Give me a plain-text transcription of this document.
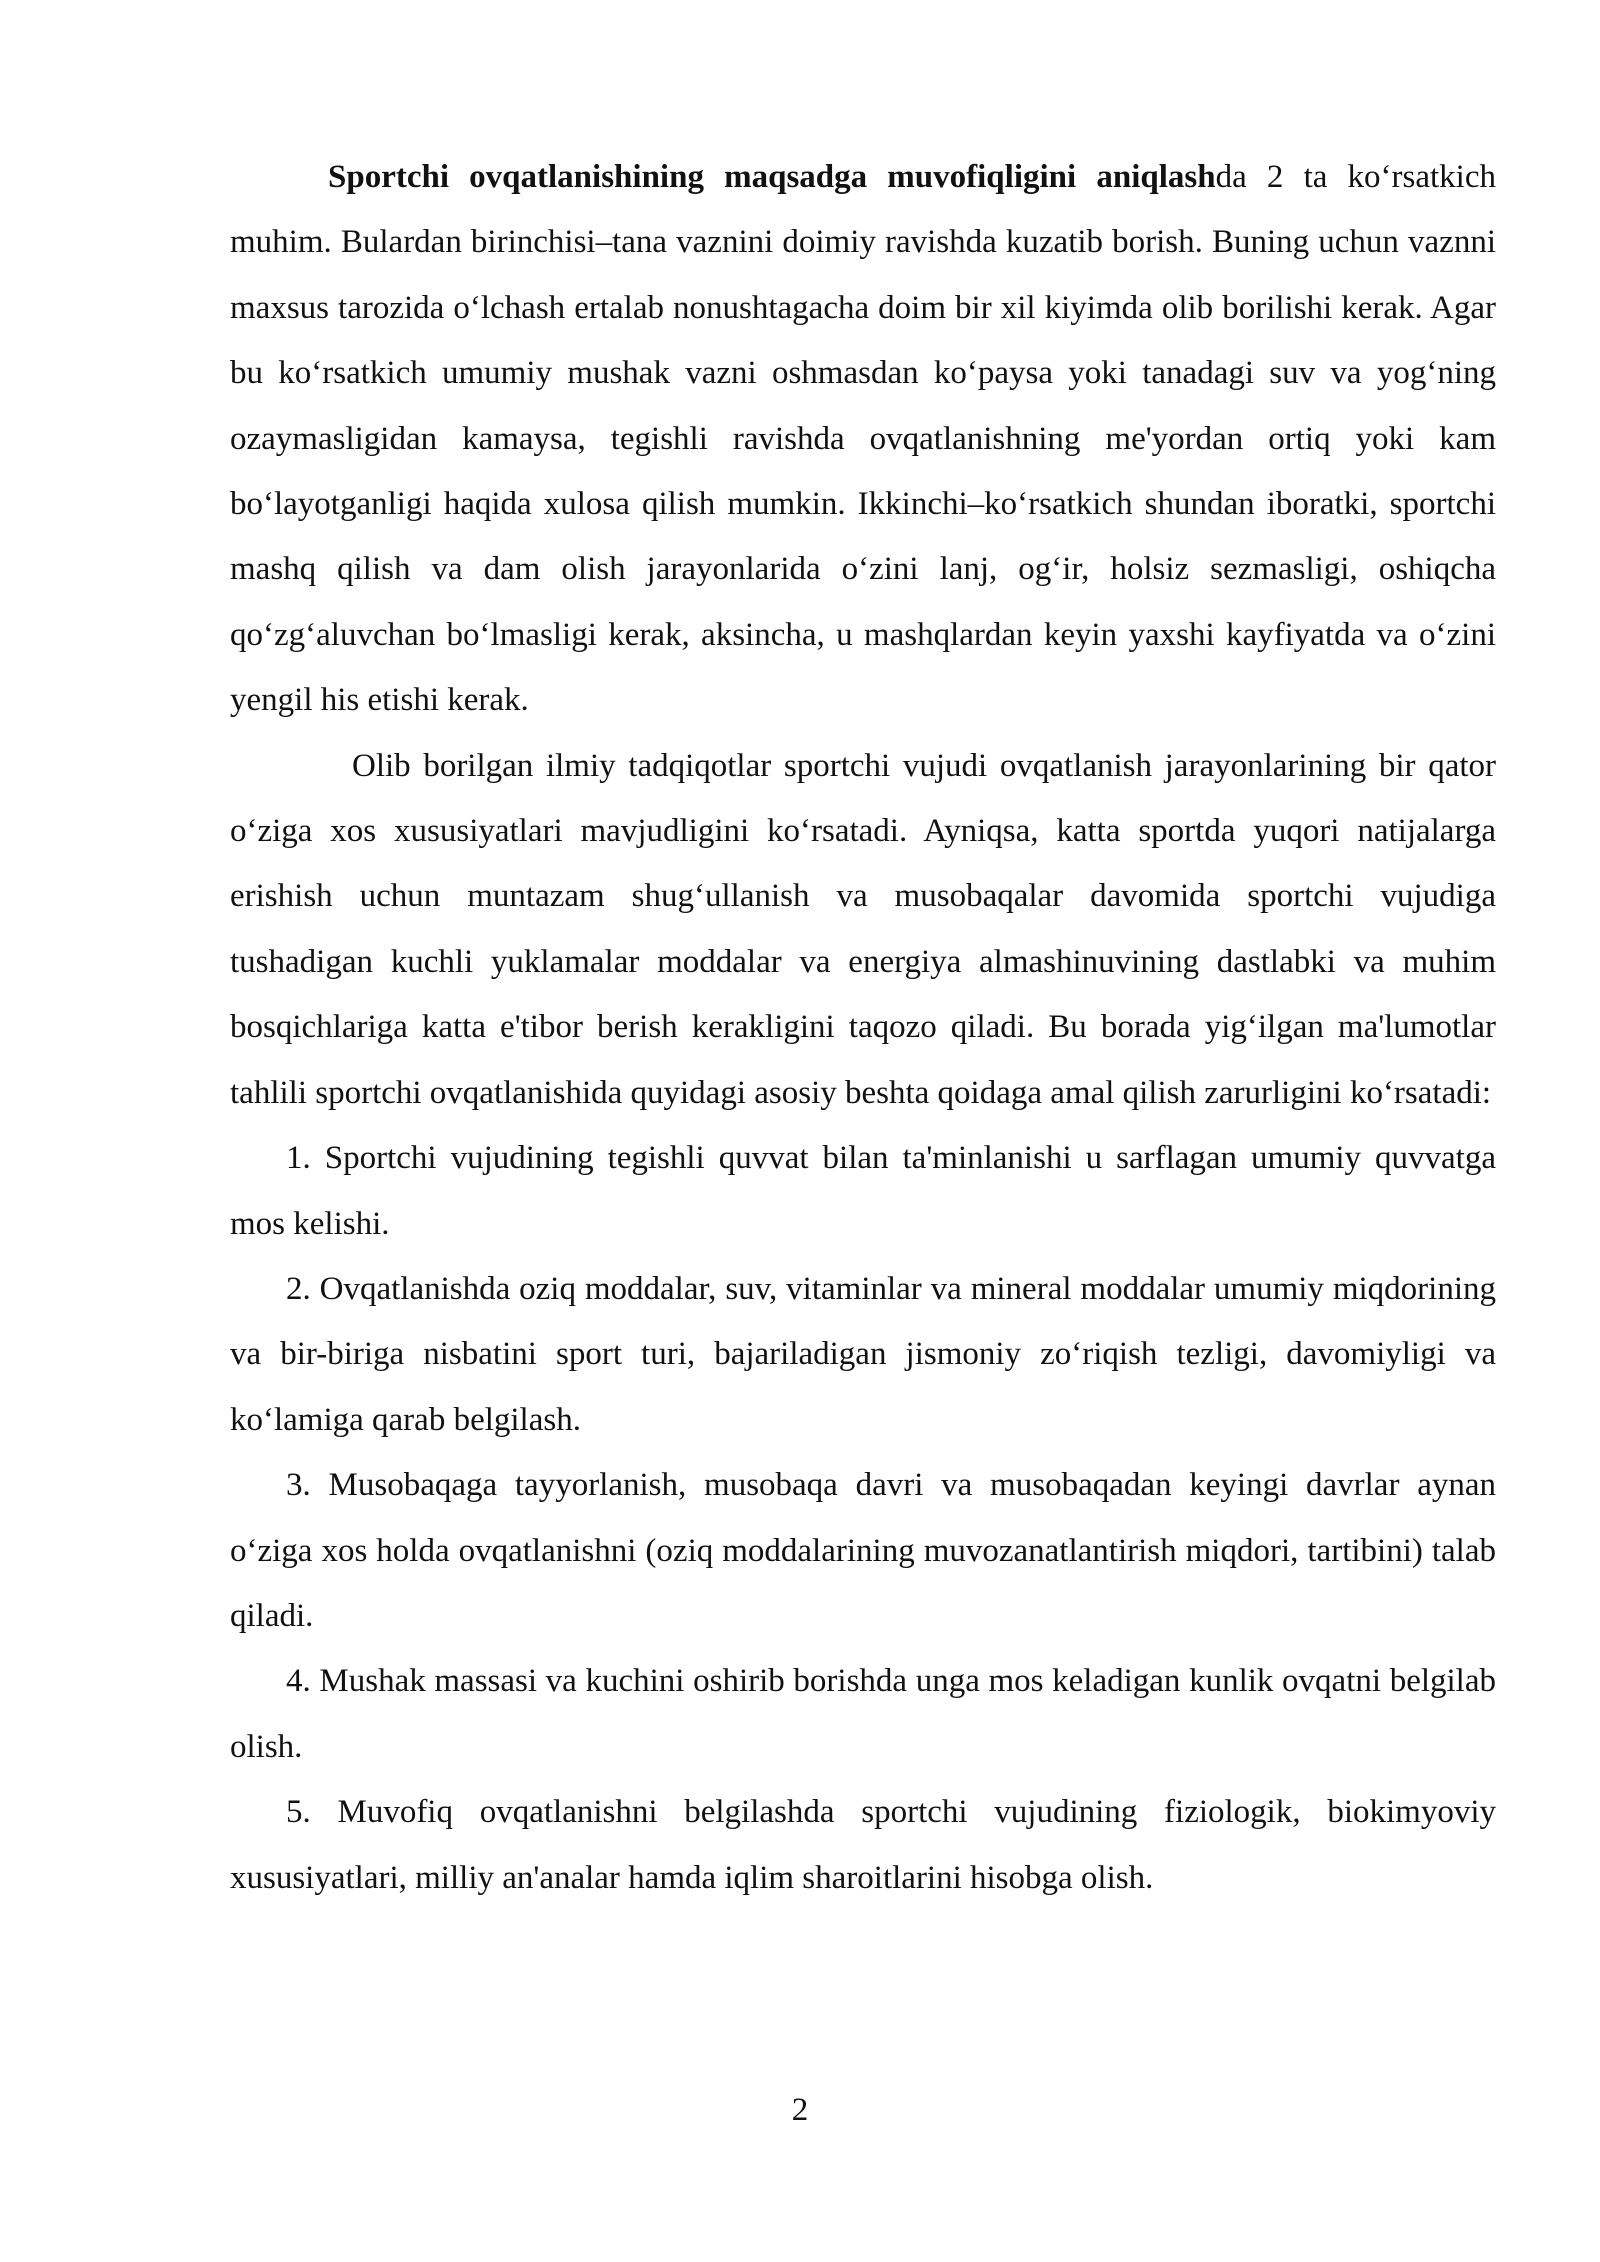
Sportchi ovqatlanishining maqsadga muvofiqligini aniqlashda 2 ta ko‘rsatkich muhim. Bulardan birinchisi–tana vaznini doimiy ravishda kuzatib borish. Buning uchun vaznni maxsus tarozida o‘lchash ertalab nonushtagacha doim bir xil kiyimda olib borilishi kerak. Agar bu ko‘rsatkich umumiy mushak vazni oshmasdan ko‘paysa yoki tanadagi suv va yog‘ning ozaymasligidan kamaysa, tegishli ravishda ovqatlanishning me'yordan ortiq yoki kam bo‘layotganligi haqida xulosa qilish mumkin. Ikkinchi–ko‘rsatkich shundan iboratki, sportchi mashq qilish va dam olish jarayonlarida o‘zini lanj, og‘ir, holsiz sezmasligi, oshiqcha qo‘zg‘aluvchan bo‘lmasligi kerak, aksincha, u mashqlardan keyin yaxshi kayfiyatda va o‘zini yengil his etishi kerak.

Olib borilgan ilmiy tadqiqotlar sportchi vujudi ovqatlanish jarayonlarining bir qator o‘ziga xos xususiyatlari mavjudligini ko‘rsatadi. Ayniqsa, katta sportda yuqori natijalarga erishish uchun muntazam shug‘ullanish va musobaqalar davomida sportchi vujudiga tushadigan kuchli yuklamalar moddalar va energiya almashinuvining dastlabki va muhim bosqichlariga katta e'tibor berish kerakligini taqozo qiladi. Bu borada yig‘ilgan ma'lumotlar tahlili sportchi ovqatlanishida quyidagi asosiy beshta qoidaga amal qilish zarurligini ko‘rsatadi:

1. Sportchi vujudining tegishli quvvat bilan ta'minlanishi u sarflagan umumiy quvvatga mos kelishi.

2. Ovqatlanishda oziq moddalar, suv, vitaminlar va mineral moddalar umumiy miqdorining va bir-biriga nisbatini sport turi, bajariladigan jismoniy zo‘riqish tezligi, davomiyligi va ko‘lamiga qarab belgilash.

3. Musobaqaga tayyorlanish, musobaqa davri va musobaqadan keyingi davrlar aynan o‘ziga xos holda ovqatlanishni (oziq moddalarining muvozanatlantirish miqdori, tartibini) talab qiladi.

4. Mushak massasi va kuchini oshirib borishda unga mos keladigan kunlik ovqatni belgilab olish.

5. Muvofiq ovqatlanishni belgilashda sportchi vujudining fiziologik, biokimyoviy xususiyatlari, milliy an'analar hamda iqlim sharoitlarini hisobga olish.

2
